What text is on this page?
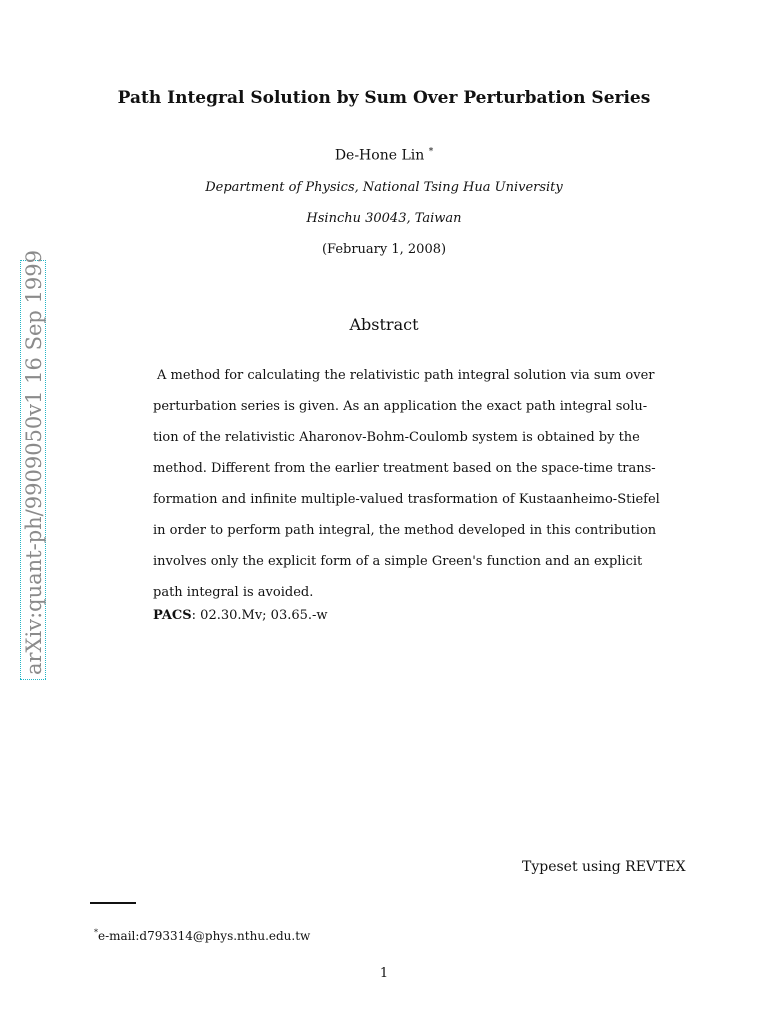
arXiv:quant-ph/9909050v1 16 Sep 1999
Path Integral Solution by Sum Over Perturbation Series
De-Hone Lin *
Department of Physics, National Tsing Hua University
Hsinchu 30043, Taiwan
(February 1, 2008)
Abstract
A method for calculating the relativistic path integral solution via sum over
perturbation series is given. As an application the exact path integral solu-
tion of the relativistic Aharonov-Bohm-Coulomb system is obtained by the
method. Different from the earlier treatment based on the space-time trans-
formation and infinite multiple-valued trasformation of Kustaanheimo-Stiefel
in order to perform path integral, the method developed in this contribution
involves only the explicit form of a simple Green's function and an explicit
path integral is avoided.
PACS: 02.30.Mv; 03.65.-w
Typeset using REVTEX
*e-mail:d793314@phys.nthu.edu.tw
1
